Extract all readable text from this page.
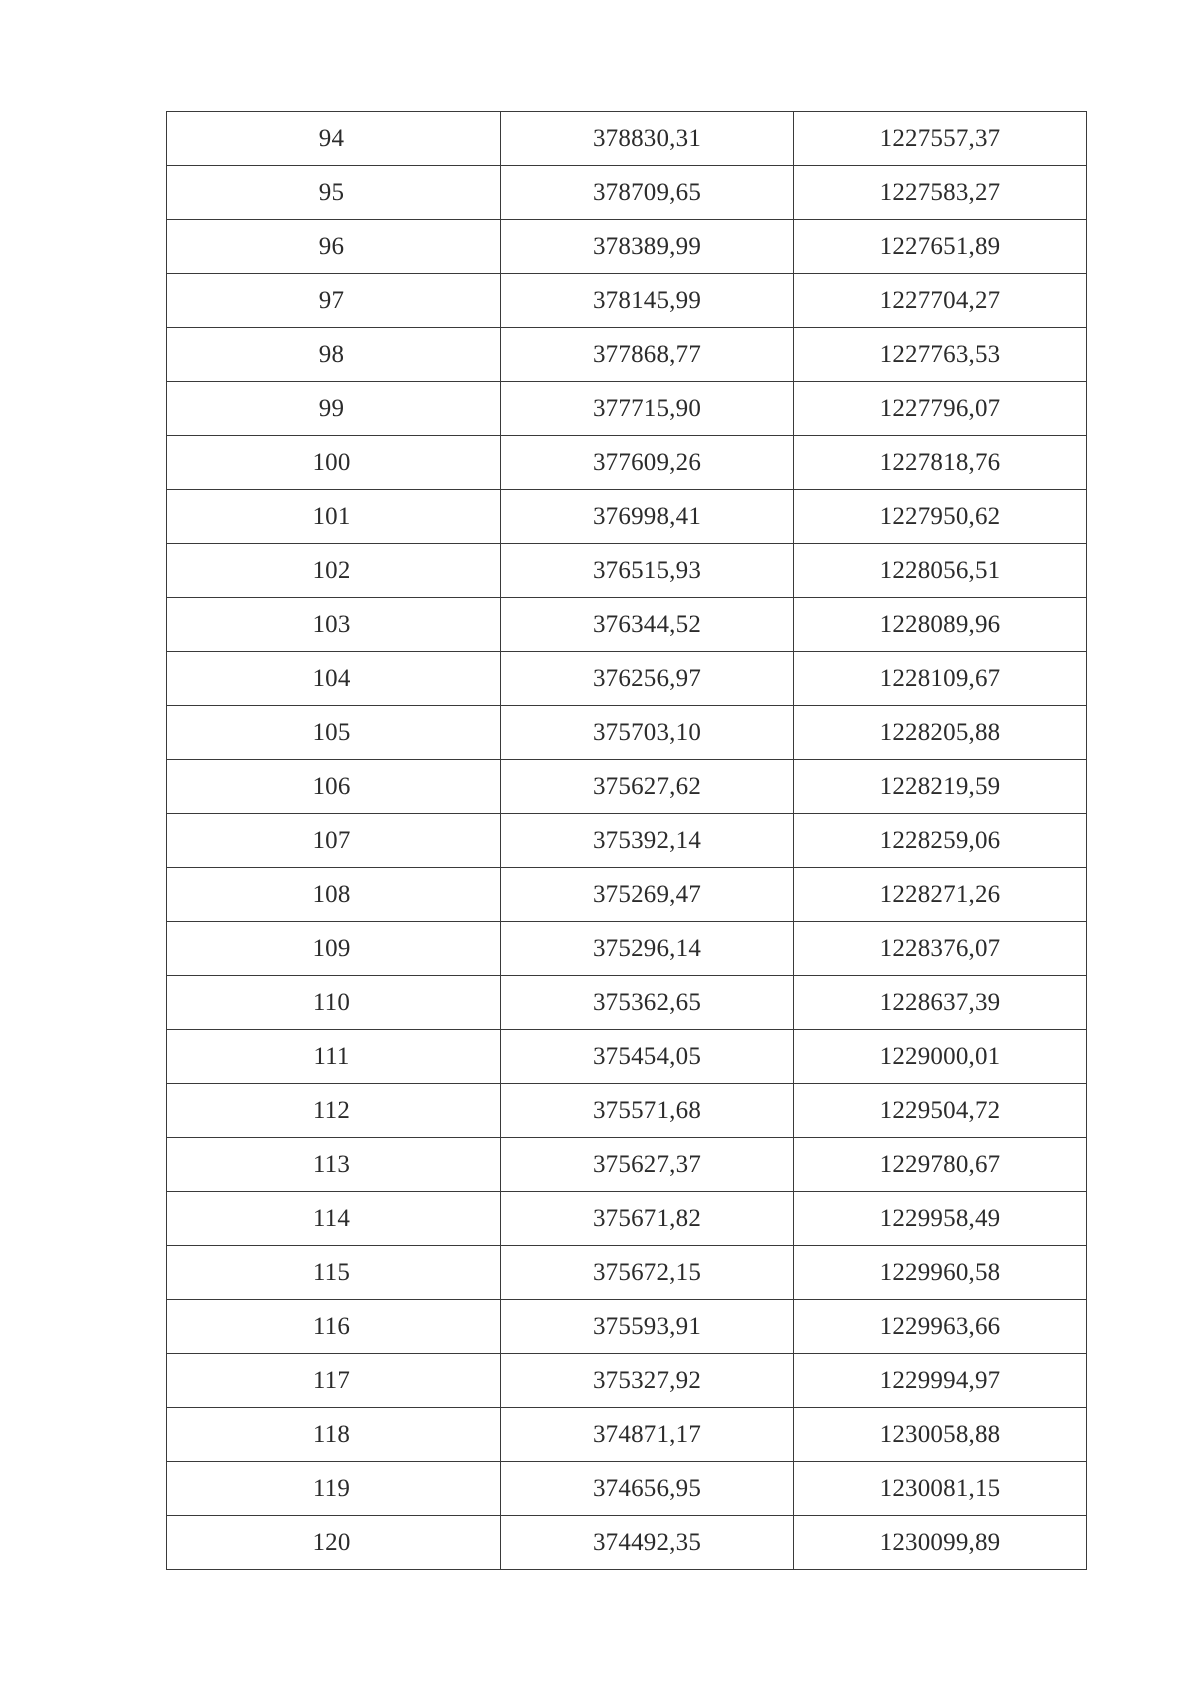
94	378830,31	1227557,37
95	378709,65	1227583,27
96	378389,99	1227651,89
97	378145,99	1227704,27
98	377868,77	1227763,53
99	377715,90	1227796,07
100	377609,26	1227818,76
101	376998,41	1227950,62
102	376515,93	1228056,51
103	376344,52	1228089,96
104	376256,97	1228109,67
105	375703,10	1228205,88
106	375627,62	1228219,59
107	375392,14	1228259,06
108	375269,47	1228271,26
109	375296,14	1228376,07
110	375362,65	1228637,39
111	375454,05	1229000,01
112	375571,68	1229504,72
113	375627,37	1229780,67
114	375671,82	1229958,49
115	375672,15	1229960,58
116	375593,91	1229963,66
117	375327,92	1229994,97
118	374871,17	1230058,88
119	374656,95	1230081,15
120	374492,35	1230099,89
